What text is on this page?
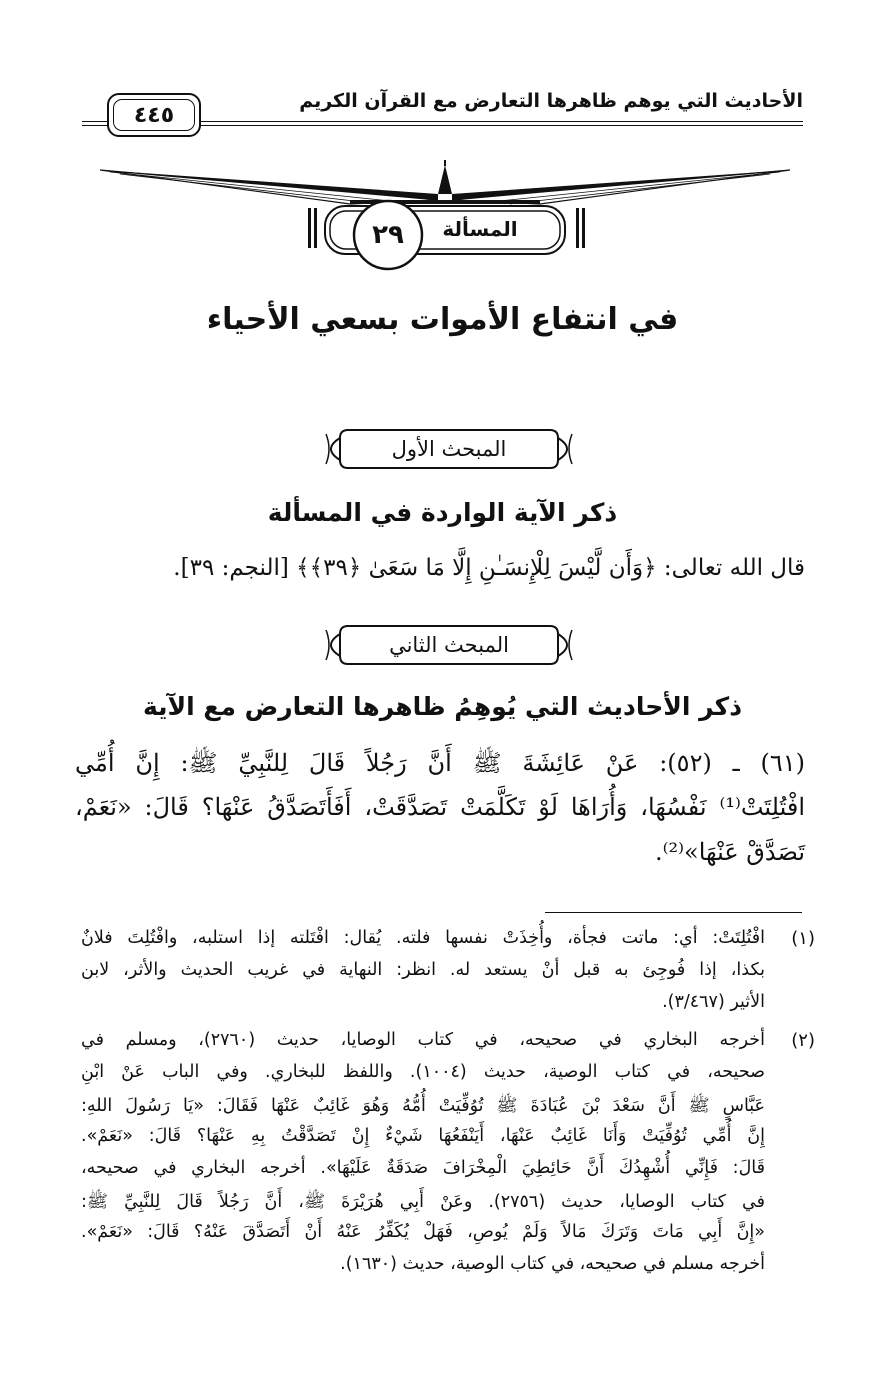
الأحاديث التي يوهم ظاهرها التعارض مع القرآن الكريم
٤٤٥
المسألة
٢٩
في انتفاع الأموات بسعي الأحياء
المبحث الأول
ذكر الآية الواردة في المسألة
قال الله تعالى: ﴿وَأَن لَّيْسَ لِلْإِنسَـٰنِ إِلَّا مَا سَعَىٰ ﴿٣٩﴾﴾ [النجم: ٣٩].
المبحث الثاني
ذكر الأحاديث التي يُوهِمُ ظاهرها التعارض مع الآية
(٦١) ـ (٥٢): عَنْ عَائِشَةَ ﷺ أَنَّ رَجُلاً قَالَ لِلنَّبِيِّ ﷺ: إِنَّ أُمِّي
افْتُلِتَتْ⁽¹⁾ نَفْسُهَا، وَأُرَاهَا لَوْ تَكَلَّمَتْ تَصَدَّقَتْ، أَفَأَتَصَدَّقُ عَنْهَا؟ قَالَ: «نَعَمْ،
تَصَدَّقْ عَنْهَا»⁽²⁾.
(١)
افْتُلِتَتْ: أي: ماتت فجأة، وأُخِذَتْ نفسها فلته. يُقال: افْتَلته إذا استلبه، وافْتُلِتَ فلانٌ
بكذا، إذا فُوجِئ به قبل أنْ يستعد له. انظر: النهاية في غريب الحديث والأثر، لابن
الأثير (٣/٤٦٧).
(٢)
أخرجه البخاري في صحيحه، في كتاب الوصايا، حديث (٢٧٦٠)، ومسلم في
صحيحه، في كتاب الوصية، حديث (١٠٠٤). واللفظ للبخاري. وفي الباب عَنْ ابْنِ
عَبَّاسٍ ﷺ أَنَّ سَعْدَ بْنَ عُبَادَةَ ﷺ تُوُفِّيَتْ أُمُّهُ وَهُوَ غَائِبٌ عَنْهَا فَقَالَ: «يَا رَسُولَ اللهِ:
إِنَّ أُمِّي تُوُفِّيَتْ وَأَنَا غَائِبٌ عَنْهَا، أَيَنْفَعُهَا شَيْءٌ إِنْ تَصَدَّقْتُ بِهِ عَنْهَا؟ قَالَ: «نَعَمْ».
قَالَ: فَإِنِّي أُشْهِدُكَ أَنَّ حَائِطِيَ الْمِخْرَافَ صَدَقَةٌ عَلَيْهَا». أخرجه البخاري في صحيحه،
في كتاب الوصايا، حديث (٢٧٥٦). وعَنْ أَبِي هُرَيْرَةَ ﷺ، أَنَّ رَجُلاً قَالَ لِلنَّبِيِّ ﷺ:
«إِنَّ أَبِي مَاتَ وَتَرَكَ مَالاً وَلَمْ يُوصِ، فَهَلْ يُكَفِّرُ عَنْهُ أَنْ أَتَصَدَّقَ عَنْهُ؟ قَالَ: «نَعَمْ».
أخرجه مسلم في صحيحه، في كتاب الوصية، حديث (١٦٣٠).
